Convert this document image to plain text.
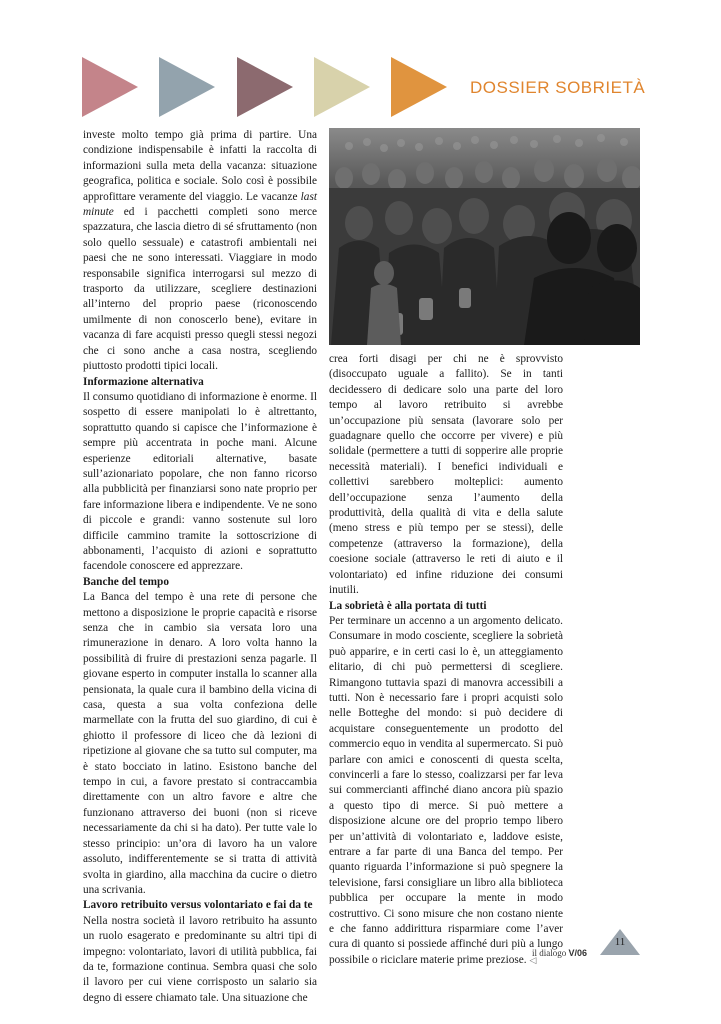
DOSSIER SOBRIETÀ

investe molto tempo già prima di partire. Una condizione indispensabile è infatti la raccolta di informazioni sulla meta della vacanza: situazione geografica, politica e sociale. Solo così è possibile approfittare veramente del viaggio. Le vacanze last minute ed i pacchetti completi sono merce spazzatura, che lascia dietro di sé sfruttamento (non solo quello sessuale) e catastrofi ambientali nei paesi che ne sono interessati. Viaggiare in modo responsabile significa interrogarsi sul mezzo di trasporto da utilizzare, scegliere destinazioni all’interno del proprio paese (riconoscendo umilmente di non conoscerlo bene), evitare in vacanza di fare acquisti presso quegli stessi negozi che ci sono anche a casa nostra, scegliendo piuttosto prodotti tipici locali.

Informazione alternativa

Il consumo quotidiano di informazione è enorme. Il sospetto di essere manipolati lo è altrettanto, soprattutto quando si capisce che l’informazione è sempre più accentrata in poche mani. Alcune esperienze editoriali alternative, basate sull’azionariato popolare, che non fanno ricorso alla pubblicità per finanziarsi sono nate proprio per fare informazione libera e indipendente. Ve ne sono di piccole e grandi: vanno sostenute sul loro difficile cammino tramite la sottoscrizione di abbonamenti, l’acquisto di azioni e soprattutto facendole conoscere ed apprezzare.

Banche del tempo

La Banca del tempo è una rete di persone che mettono a disposizione le proprie capacità e risorse senza che in cambio sia versata loro una rimunerazione in denaro. A loro volta hanno la possibilità di fruire di prestazioni senza pagarle. Il giovane esperto in computer installa lo scanner alla pensionata, la quale cura il bambino della vicina di casa, questa a sua volta confeziona delle marmellate con la frutta del suo giardino, di cui è ghiotto il professore di liceo che dà lezioni di ripetizione al giovane che sa tutto sul computer, ma è stato bocciato in latino. Esistono banche del tempo in cui, a favore prestato si contraccambia direttamente con un altro favore e altre che funzionano attraverso dei buoni (non si riceve necessariamente da chi si ha dato). Per tutte vale lo stesso principio: un’ora di lavoro ha un valore assoluto, indifferentemente se si tratta di attività svolta in giardino, alla macchina da cucire o dietro una scrivania.

Lavoro retribuito versus volontariato e fai da te

Nella nostra società il lavoro retribuito ha assunto un ruolo esagerato e predominante su altri tipi di impegno: volontariato, lavori di utilità pubblica, fai da te, formazione continua. Sembra quasi che solo il lavoro per cui viene corrisposto un salario sia degno di essere chiamato tale. Una situazione che

crea forti disagi per chi ne è sprovvisto (disoccupato uguale a fallito). Se in tanti decidessero di dedicare solo una parte del loro tempo al lavoro retribuito si avrebbe un’occupazione più sensata (lavorare solo per guadagnare quello che occorre per vivere) e più solidale (permettere a tutti di sopperire alle proprie necessità materiali). I benefici individuali e collettivi sarebbero molteplici: aumento dell’occupazione senza l’aumento della produttività, della qualità di vita e della salute (meno stress e più tempo per se stessi), delle competenze (attraverso la formazione), della coesione sociale (attraverso le reti di aiuto e il volontariato) ed infine riduzione dei consumi inutili.

La sobrietà è alla portata di tutti

Per terminare un accenno a un argomento delicato. Consumare in modo cosciente, scegliere la sobrietà può apparire, e in certi casi lo è, un atteggiamento elitario, di chi può permettersi di scegliere. Rimangono tuttavia spazi di manovra accessibili a tutti. Non è necessario fare i propri acquisti solo nelle Botteghe del mondo: si può decidere di acquistare conseguentemente un prodotto del commercio equo in vendita al supermercato. Si può parlare con amici e conoscenti di questa scelta, convincerli a fare lo stesso, coalizzarsi per far leva sui commercianti affinché diano ancora più spazio a questo tipo di merce. Si può mettere a disposizione alcune ore del proprio tempo libero per un’attività di volontariato e, laddove esiste, entrare a far parte di una Banca del tempo. Per quanto riguarda l’informazione si può spegnere la televisione, farsi consigliare un libro alla biblioteca pubblica per occupare la mente in modo costruttivo. Ci sono misure che non costano niente e che fanno addirittura risparmiare come l’aver cura di quanto si possiede affinché duri più a lungo possibile o riciclare materie prime preziose. ◁

il dialogo V/06
11
